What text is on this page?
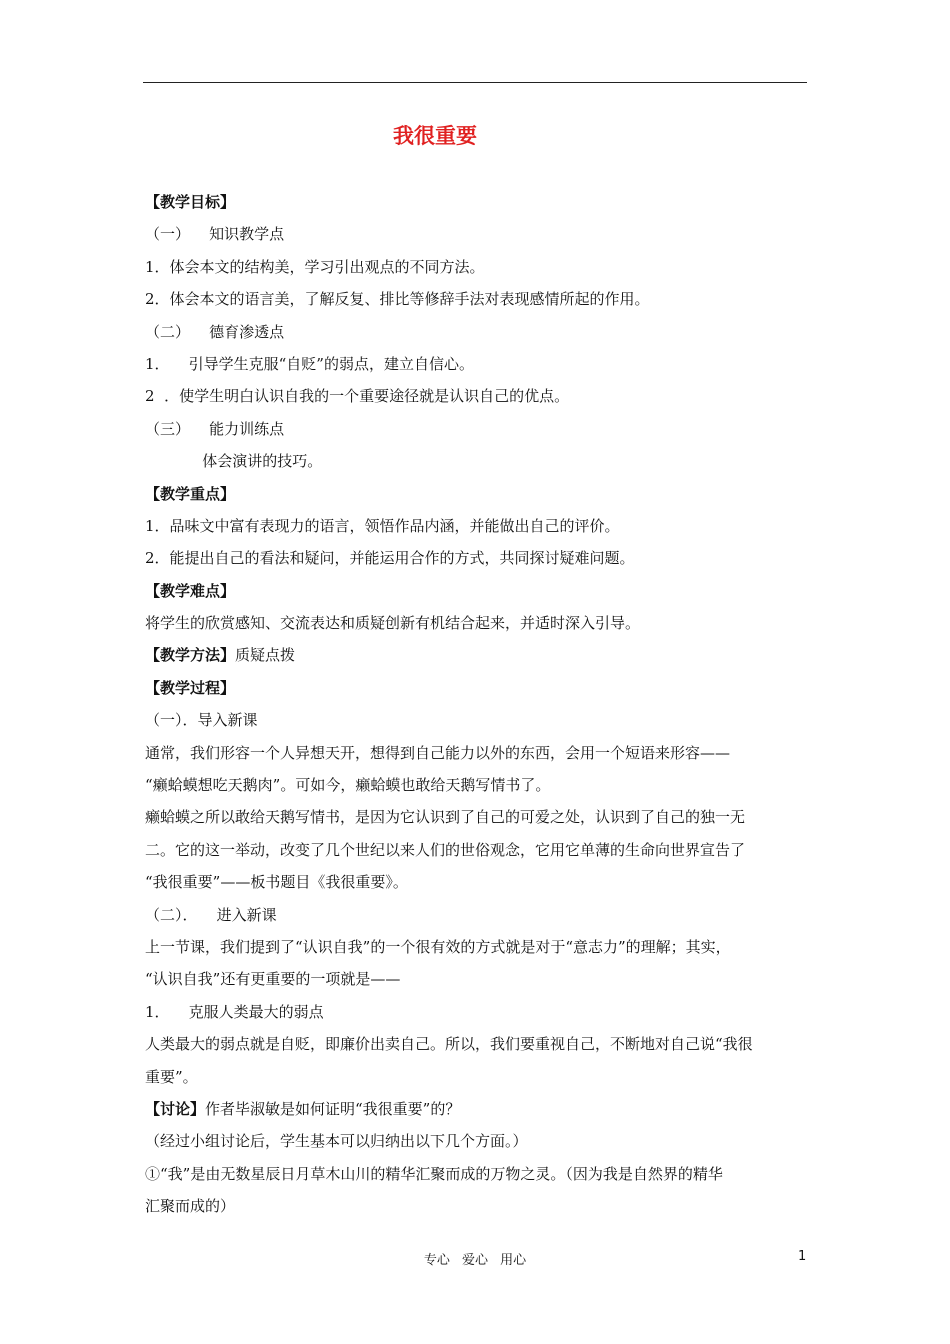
我很重要
【教学目标】
（一）    知识教学点
1．体会本文的结构美，学习引出观点的不同方法。
2．体会本文的语言美，了解反复、排比等修辞手法对表现感情所起的作用。
（二）    德育渗透点
1．    引导学生克服“自贬”的弱点，建立自信心。
2  ．使学生明白认识自我的一个重要途径就是认识自己的优点。
（三）    能力训练点
体会演讲的技巧。
【教学重点】
1．品味文中富有表现力的语言，领悟作品内涵，并能做出自己的评价。
2．能提出自己的看法和疑问，并能运用合作的方式，共同探讨疑难问题。
【教学难点】
将学生的欣赏感知、交流表达和质疑创新有机结合起来，并适时深入引导。
【教学方法】质疑点拨
【教学过程】
（一）．导入新课
通常，我们形容一个人异想天开，想得到自己能力以外的东西，会用一个短语来形容——
“癞蛤蟆想吃天鹅肉”。可如今，癞蛤蟆也敢给天鹅写情书了。
癞蛤蟆之所以敢给天鹅写情书，是因为它认识到了自己的可爱之处，认识到了自己的独一无
二。它的这一举动，改变了几个世纪以来人们的世俗观念，它用它单薄的生命向世界宣告了
“我很重要”——板书题目《我很重要》。
（二）．    进入新课
上一节课，我们提到了“认识自我”的一个很有效的方式就是对于“意志力”的理解；其实，
“认识自我”还有更重要的一项就是——
1．    克服人类最大的弱点
人类最大的弱点就是自贬，即廉价出卖自己。所以，我们要重视自己，不断地对自己说“我很
重要”。
【讨论】作者毕淑敏是如何证明“我很重要”的？
（经过小组讨论后，学生基本可以归纳出以下几个方面。）
①“我”是由无数星辰日月草木山川的精华汇聚而成的万物之灵。（因为我是自然界的精华
汇聚而成的）
专心 爱心 用心	1
